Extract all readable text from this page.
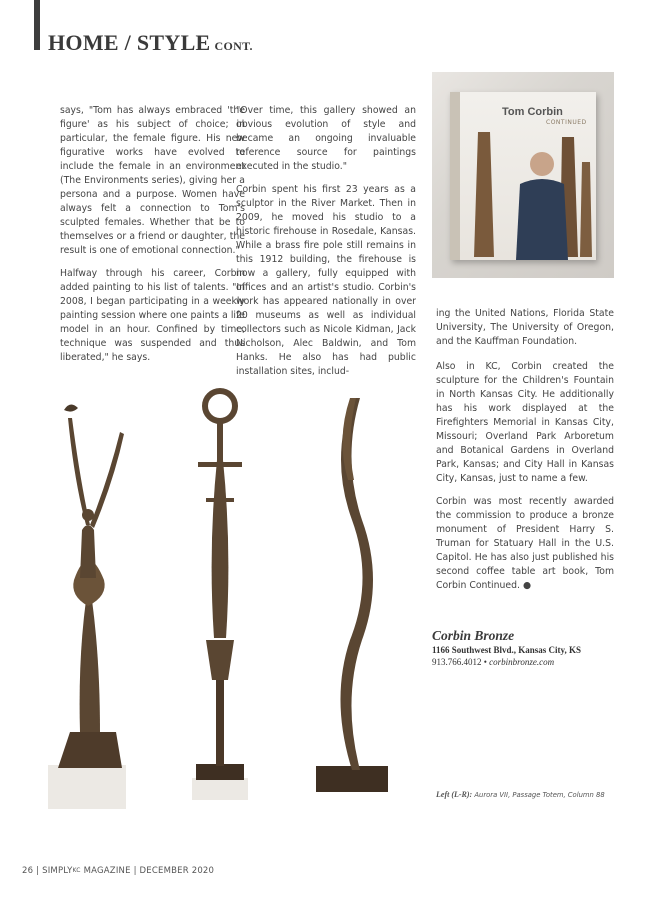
HOME / STYLE CONT.

says, "Tom has always embraced 'the figure' as his subject of choice; in particular, the female figure. His new figurative works have evolved to include the female in an environment (The Environments series), giving her a persona and a purpose. Women have always felt a connection to Tom's sculpted females. Whether that be to themselves or a friend or daughter, the result is one of emotional connection."

Halfway through his career, Corbin added painting to his list of talents. "In 2008, I began participating in a weekly painting session where one paints a life model in an hour. Confined by time, technique was suspended and thus liberated," he says.

"Over time, this gallery showed an obvious evolution of style and became an ongoing invaluable reference source for paintings executed in the studio."

Corbin spent his first 23 years as a sculptor in the River Market. Then in 2009, he moved his studio to a historic firehouse in Rosedale, Kansas. While a brass fire pole still remains in this 1912 building, the firehouse is now a gallery, fully equipped with offices and an artist's studio. Corbin's work has appeared nationally in over 20 museums as well as individual collectors such as Nicole Kidman, Jack Nicholson, Alec Baldwin, and Tom Hanks. He also has had public installation sites, includ-

Tom Corbin
CONTINUED

ing the United Nations, Florida State University, The University of Oregon, and the Kauffman Foundation.

Also in KC, Corbin created the sculpture for the Children's Fountain in North Kansas City. He additionally has his work displayed at the Firefighters Memorial in Kansas City, Missouri; Overland Park Arboretum and Botanical Gardens in Overland Park, Kansas; and City Hall in Kansas City, Kansas, just to name a few.

Corbin was most recently awarded the commission to produce a bronze monument of President Harry S. Truman for Statuary Hall in the U.S. Capitol. He has also just published his second coffee table art book, Tom Corbin Continued. ●

Corbin Bronze
1166 Southwest Blvd., Kansas City, KS
913.766.4012 • corbinbronze.com
Left (L-R): Aurora VII, Passage Totem, Column 88
26 | SIMPLYKC MAGAZINE | DECEMBER 2020
